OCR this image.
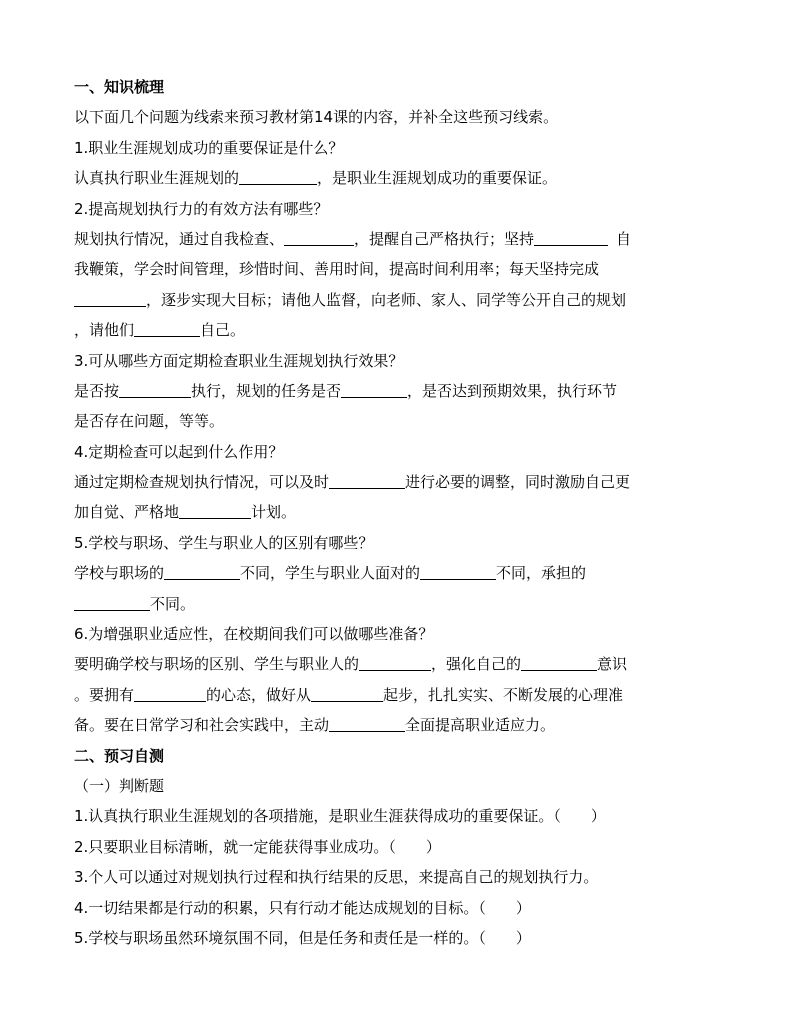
一、知识梳理
以下面几个问题为线索来预习教材第14课的内容，并补全这些预习线索。
1.职业生涯规划成功的重要保证是什么？
认真执行职业生涯规划的	，是职业生涯规划成功的重要保证。
2.提高规划执行力的有效方法有哪些？
规划执行情况，通过自我检查、	，提醒自己严格执行；坚持	自
我鞭策，学会时间管理，珍惜时间、善用时间，提高时间利用率；每天坚持完成
，逐步实现大目标；请他人监督，向老师、家人、同学等公开自己的规划
，请他们	自己。
3.可从哪些方面定期检查职业生涯规划执行效果？
是否按	执行，规划的任务是否	，是否达到预期效果，执行环节
是否存在问题，等等。
4.定期检查可以起到什么作用？
通过定期检查规划执行情况，可以及时	进行必要的调整，同时激励自己更
加自觉、严格地	计划。
5.学校与职场、学生与职业人的区别有哪些？
学校与职场的	不同，学生与职业人面对的	不同，承担的
不同。
6.为增强职业适应性，在校期间我们可以做哪些准备？
要明确学校与职场的区别、学生与职业人的	，强化自己的	意识
。要拥有	的心态，做好从	起步，扎扎实实、不断发展的心理准
备。要在日常学习和社会实践中，主动	全面提高职业适应力。
二、预习自测
（一）判断题
1.认真执行职业生涯规划的各项措施，是职业生涯获得成功的重要保证。（　　）
2.只要职业目标清晰，就一定能获得事业成功。（　　）
3.个人可以通过对规划执行过程和执行结果的反思，来提高自己的规划执行力。
4.一切结果都是行动的积累，只有行动才能达成规划的目标。（　　）
5.学校与职场虽然环境氛围不同，但是任务和责任是一样的。（　　）
